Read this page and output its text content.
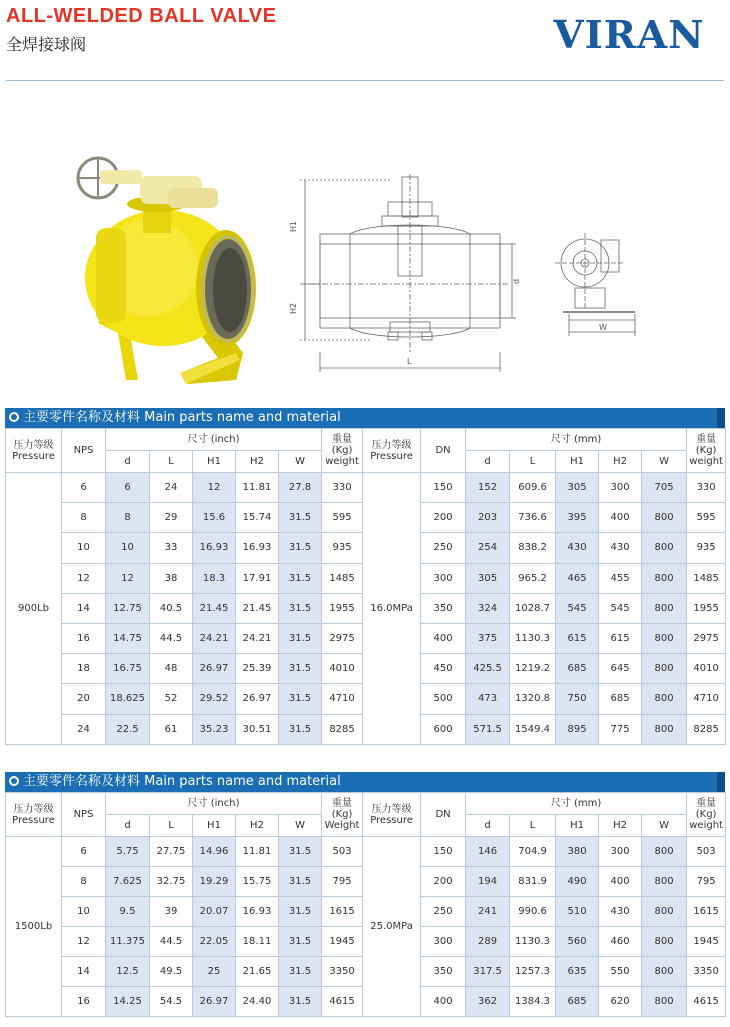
ALL-WELDED BALL VALVE
全焊接球阀	VIRAN
H1
H2
L
d
W
主要零件名称及材料 Main parts name and material
压力等级
Pressure	NPS	尺寸 (inch)					重量
(Kg)
weight	压力等级
Pressure	DN	尺寸 (mm)					重量
(Kg)
weight

		d	L	H1	H2	W				d	L	H1	H2	W	
900Lb	6	6	24	12	11.81	27.8	330	16.0MPa	150	152	609.6	305	300	705	330
	8	8	29	15.6	15.74	31.5	595		200	203	736.6	395	400	800	595
	10	10	33	16.93	16.93	31.5	935		250	254	838.2	430	430	800	935
	12	12	38	18.3	17.91	31.5	1485		300	305	965.2	465	455	800	1485
	14	12.75	40.5	21.45	21.45	31.5	1955		350	324	1028.7	545	545	800	1955
	16	14.75	44.5	24.21	24.21	31.5	2975		400	375	1130.3	615	615	800	2975
	18	16.75	48	26.97	25.39	31.5	4010		450	425.5	1219.2	685	645	800	4010
	20	18.625	52	29.52	26.97	31.5	4710		500	473	1320.8	750	685	800	4710
	24	22.5	61	35.23	30.51	31.5	8285		600	571.5	1549.4	895	775	800	8285
主要零件名称及材料 Main parts name and material
压力等级
Pressure	NPS	尺寸 (inch)					重量
(Kg)
Weight	压力等级
Pressure	DN	尺寸 (mm)					重量
(Kg)
weight

		d	L	H1	H2	W				d	L	H1	H2	W	
1500Lb	6	5.75	27.75	14.96	11.81	31.5	503	25.0MPa	150	146	704.9	380	300	800	503
	8	7.625	32.75	19.29	15.75	31.5	795		200	194	831.9	490	400	800	795
	10	9.5	39	20.07	16.93	31.5	1615		250	241	990.6	510	430	800	1615
	12	11.375	44.5	22.05	18.11	31.5	1945		300	289	1130.3	560	460	800	1945
	14	12.5	49.5	25	21.65	31.5	3350		350	317.5	1257.3	635	550	800	3350
	16	14.25	54.5	26.97	24.40	31.5	4615		400	362	1384.3	685	620	800	4615
